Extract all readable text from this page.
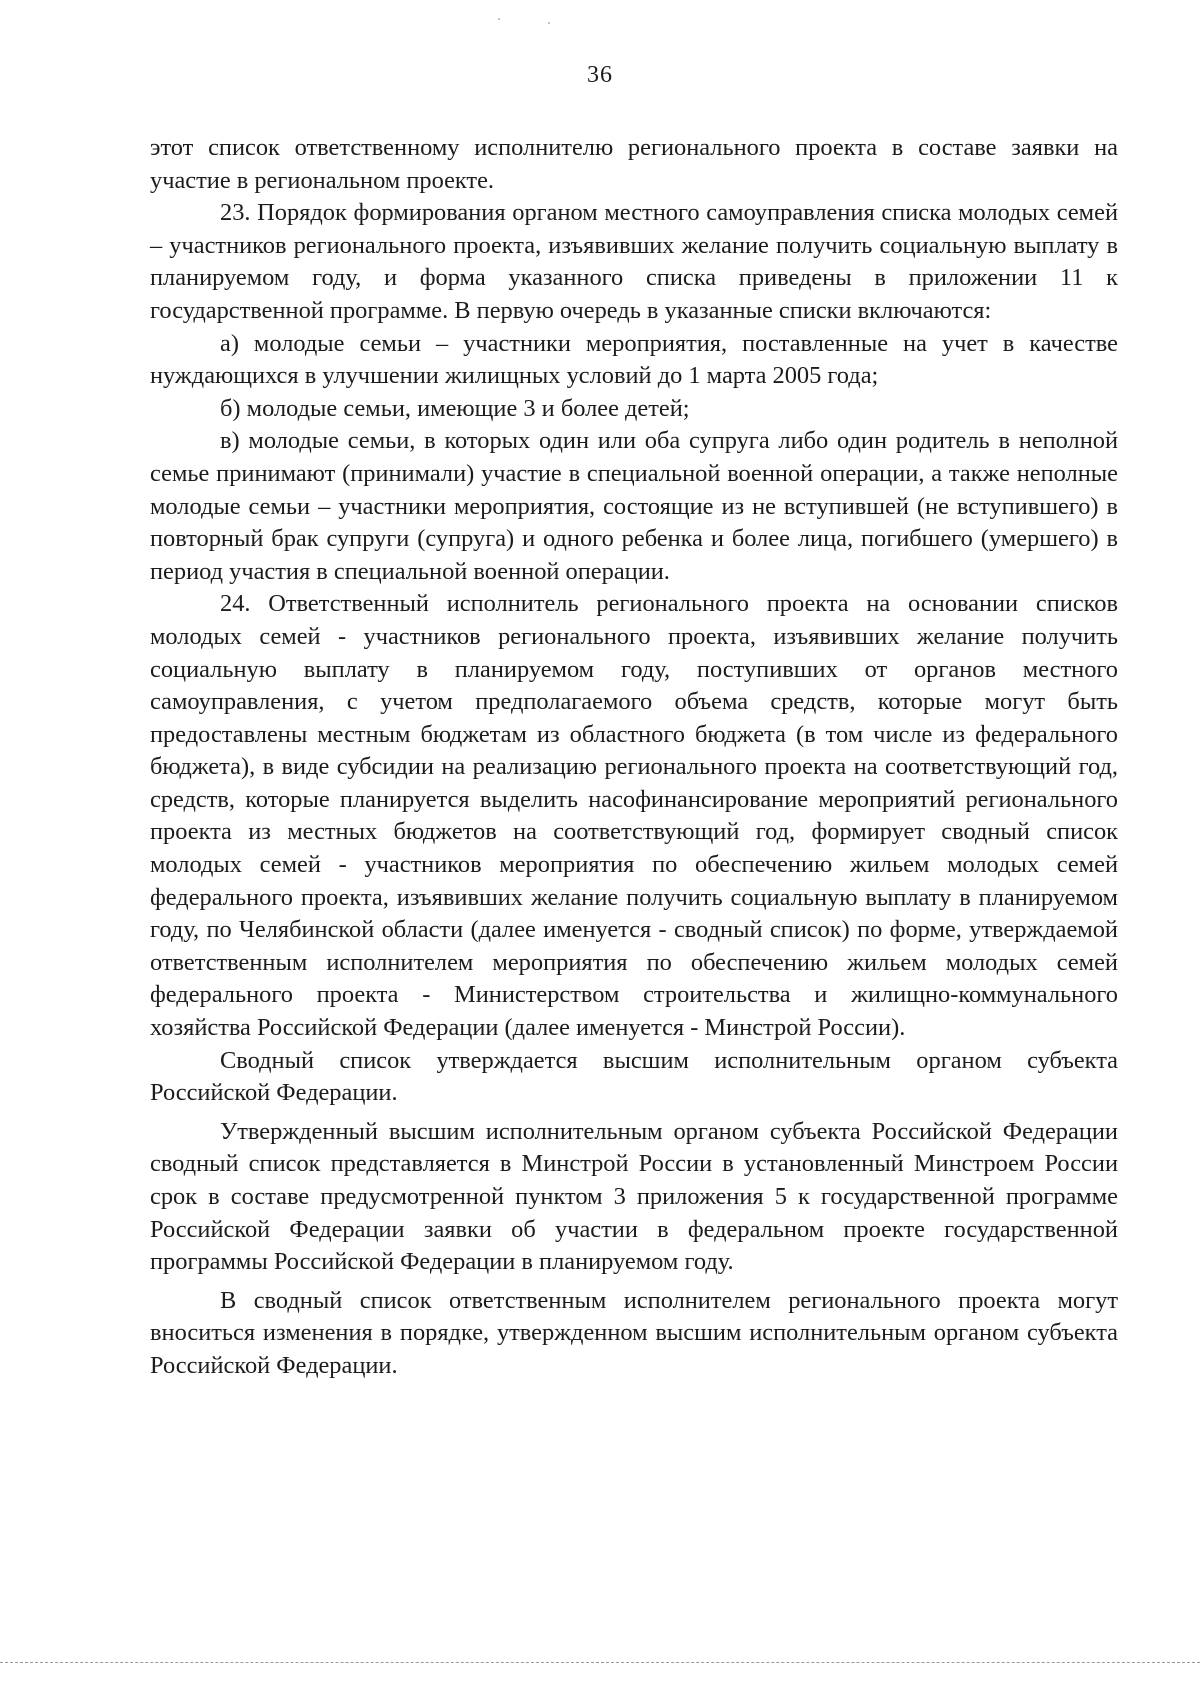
36

этот список ответственному исполнителю регионального проекта в составе заявки на участие в региональном проекте.

23. Порядок формирования органом местного самоуправления списка молодых семей – участников регионального проекта, изъявивших желание получить социальную выплату в планируемом году, и форма указанного списка приведены в приложении 11 к государственной программе. В первую очередь в указанные списки включаются:

а) молодые семьи – участники мероприятия, поставленные на учет в качестве нуждающихся в улучшении жилищных условий до 1 марта 2005 года;

б) молодые семьи, имеющие 3 и более детей;

в) молодые семьи, в которых один или оба супруга либо один родитель в неполной семье принимают (принимали) участие в специальной военной операции, а также неполные молодые семьи – участники мероприятия, состоящие из не вступившей (не вступившего) в повторный брак супруги (супруга) и одного ребенка и более лица, погибшего (умершего) в период участия в специальной военной операции.

24. Ответственный исполнитель регионального проекта на основании списков молодых семей - участников регионального проекта, изъявивших желание получить социальную выплату в планируемом году, поступивших от органов местного самоуправления, с учетом предполагаемого объема средств, которые могут быть предоставлены местным бюджетам из областного бюджета (в том числе из федерального бюджета), в виде субсидии на реализацию регионального проекта на соответствующий год, средств, которые планируется выделить насофинансирование мероприятий регионального проекта из местных бюджетов на соответствующий год, формирует сводный список молодых семей - участников мероприятия по обеспечению жильем молодых семей федерального проекта, изъявивших желание получить социальную выплату в планируемом году, по Челябинской области (далее именуется - сводный список) по форме, утверждаемой ответственным исполнителем мероприятия по обеспечению жильем молодых семей федерального проекта - Министерством строительства и жилищно-коммунального хозяйства Российской Федерации (далее именуется - Минстрой России).

Сводный список утверждается высшим исполнительным органом субъекта Российской Федерации.

Утвержденный высшим исполнительным органом субъекта Российской Федерации сводный список представляется в Минстрой России в установленный Минстроем России срок в составе предусмотренной пунктом 3 приложения 5 к государственной программе Российской Федерации заявки об участии в федеральном проекте государственной программы Российской Федерации в планируемом году.

В сводный список ответственным исполнителем регионального проекта могут вноситься изменения в порядке, утвержденном высшим исполнительным органом субъекта Российской Федерации.
